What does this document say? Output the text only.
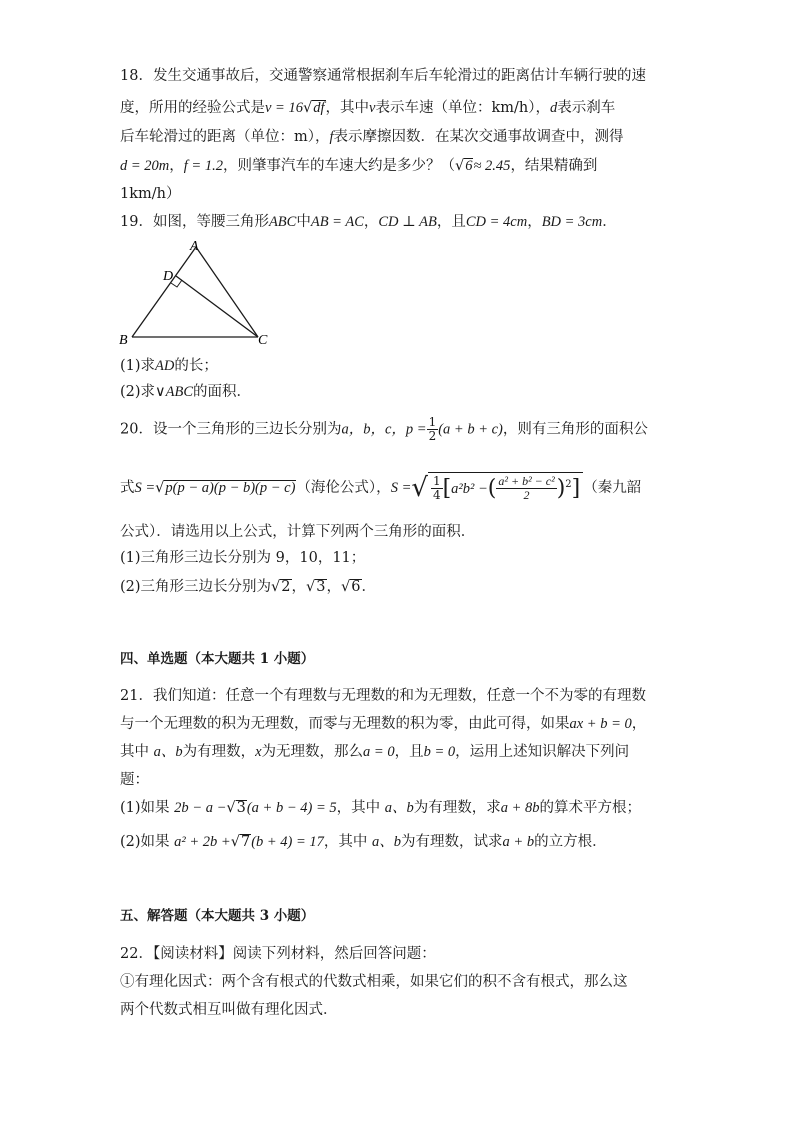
18．发生交通事故后，交通警察通常根据刹车后车轮滑过的距离估计车辆行驶的速
度，所用的经验公式是v = 16√df，其中v表示车速（单位：km/h），d表示刹车
后车轮滑过的距离（单位：m），f表示摩擦因数．在某次交通事故调查中，测得
d = 20m，f = 1.2，则肇事汽车的车速大约是多少？（√6≈ 2.45，结果精确到
1km/h）
19．如图，等腰三角形ABC中AB = AC，CD ⊥ AB，且CD = 4cm，BD = 3cm．
A
B	C
D
(1)求AD的长；
(2)求∨ABC的面积．
20．设一个三角形的三边长分别为a，b，c，$p = \frac{1}{2} (a + b + c)$，则有三角形的面积公
式S =√p(p − a)(p − b)(p − c)（海伦公式），S =√ $\frac{1}{4} [a^2b^2$ −( $\frac{\text{a² + b² − c²}}{2} )^2$] （秦九韶
公式）．请选用以上公式，计算下列两个三角形的面积．
(1)三角形三边长分别为 9，10，11；
(2)三角形三边长分别为√2，√3，√6．
四、单选题（本大题共 1 小题）
21．我们知道：任意一个有理数与无理数的和为无理数，任意一个不为零的有理数
与一个无理数的积为无理数，而零与无理数的积为零，由此可得，如果ax + b = 0，
其中 a、b为有理数，x为无理数，那么a = 0，且b = 0，运用上述知识解决下列问
题：
(1)如果 2b − a −√3(a + b − 4) = 5，其中 a、b为有理数，求a + 8b的算术平方根；
(2)如果 a² + 2b +√7(b + 4) = 17，其中 a、b为有理数，试求a + b的立方根．
五、解答题（本大题共 3 小题）
22．【阅读材料】阅读下列材料，然后回答问题：
①有理化因式：两个含有根式的代数式相乘，如果它们的积不含有根式，那么这
两个代数式相互叫做有理化因式．
